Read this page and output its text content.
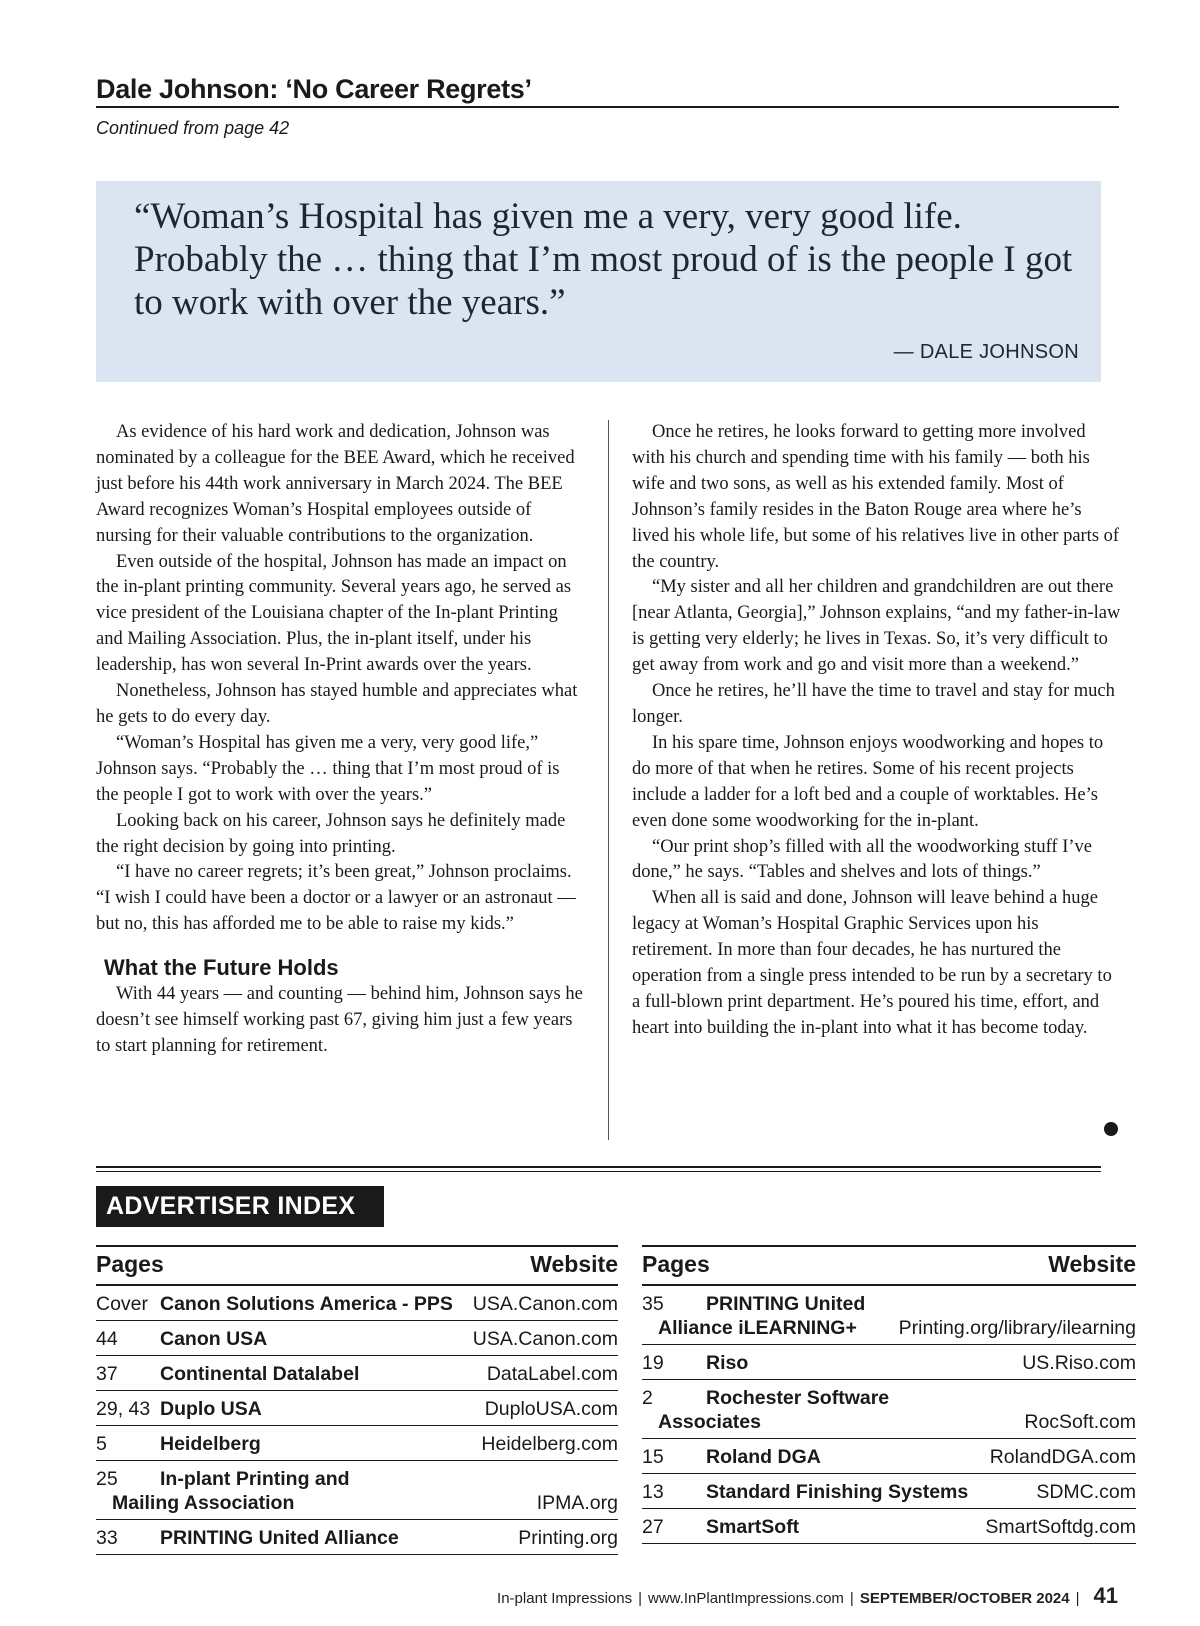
Dale Johnson: ‘No Career Regrets’
Continued from page 42
“Woman’s Hospital has given me a very, very good life. Probably the … thing that I’m most proud of is the people I got to work with over the years.”
— DALE JOHNSON

As evidence of his hard work and dedication, Johnson was nominated by a colleague for the BEE Award, which he received just before his 44th work anniversary in March 2024. The BEE Award recognizes Woman’s Hospital employees outside of nursing for their valuable contributions to the organization.

Even outside of the hospital, Johnson has made an impact on the in-plant printing community. Several years ago, he served as vice president of the Louisiana chapter of the In-plant Printing and Mailing Association. Plus, the in-plant itself, under his leadership, has won several In-Print awards over the years.

Nonetheless, Johnson has stayed humble and appreciates what he gets to do every day.

“Woman’s Hospital has given me a very, very good life,” Johnson says. “Probably the … thing that I’m most proud of is the people I got to work with over the years.”

Looking back on his career, Johnson says he definitely made the right decision by going into printing.

“I have no career regrets; it’s been great,” Johnson proclaims. “I wish I could have been a doctor or a lawyer or an astronaut — but no, this has afforded me to be able to raise my kids.”

What the Future Holds

With 44 years — and counting — behind him, Johnson says he doesn’t see himself working past 67, giving him just a few years to start planning for retirement.

Once he retires, he looks forward to getting more involved with his church and spending time with his family — both his wife and two sons, as well as his extended family. Most of Johnson’s family resides in the Baton Rouge area where he’s lived his whole life, but some of his relatives live in other parts of the country.

“My sister and all her children and grandchildren are out there [near Atlanta, Georgia],” Johnson explains, “and my father-in-law is getting very elderly; he lives in Texas. So, it’s very difficult to get away from work and go and visit more than a weekend.”

Once he retires, he’ll have the time to travel and stay for much longer.

In his spare time, Johnson enjoys woodworking and hopes to do more of that when he retires. Some of his recent projects include a ladder for a loft bed and a couple of worktables. He’s even done some woodworking for the in-plant.

“Our print shop’s filled with all the woodworking stuff I’ve done,” he says. “Tables and shelves and lots of things.”

When all is said and done, Johnson will leave behind a huge legacy at Woman’s Hospital Graphic Services upon his retirement. In more than four decades, he has nurtured the operation from a single press intended to be run by a secretary to a full-blown print department. He’s poured his time, effort, and heart into building the in-plant into what it has become today.

ADVERTISER INDEX
Pages	Website
Cover Canon Solutions America - PPS USA.Canon.com
44 Canon USA	USA.Canon.com
37 Continental Datalabel	DataLabel.com
29, 43 Duplo USA	DuploUSA.com
5	Heidelberg	Heidelberg.com
25 In-plant Printing and
Mailing Association	IPMA.org
33 PRINTING United Alliance	Printing.org
Pages	Website
35 PRINTING United
Alliance iLEARNING+	Printing.org/library/ilearning
19 Riso	US.Riso.com
2	Rochester Software
Associates	RocSoft.com
15 Roland DGA	RolandDGA.com
13 Standard Finishing Systems	SDMC.com
27 SmartSoft	SmartSoftdg.com
In-plant Impressions | www.InPlantImpressions.com | SEPTEMBER/OCTOBER 2024 | 41
